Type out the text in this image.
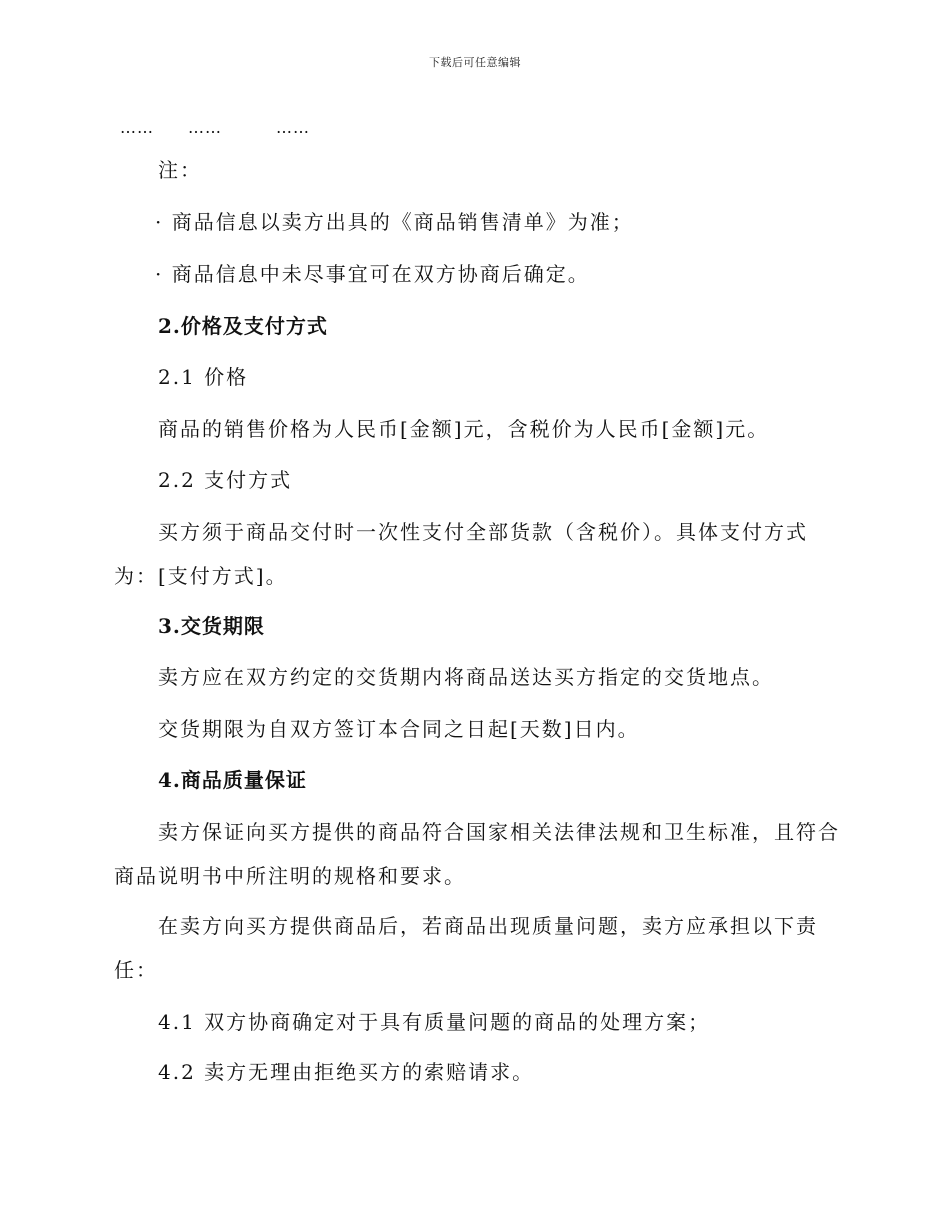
下载后可任意编辑
…… ……	……
注：
· 商品信息以卖方出具的《商品销售清单》为准；
· 商品信息中未尽事宜可在双方协商后确定。
2.价格及支付方式
2.1 价格
商品的销售价格为人民币[金额]元，含税价为人民币[金额]元。
2.2 支付方式
买方须于商品交付时一次性支付全部货款（含税价）。具体支付方式
为：[支付方式]。
3.交货期限
卖方应在双方约定的交货期内将商品送达买方指定的交货地点。
交货期限为自双方签订本合同之日起[天数]日内。
4.商品质量保证
卖方保证向买方提供的商品符合国家相关法律法规和卫生标准，且符合
商品说明书中所注明的规格和要求。
在卖方向买方提供商品后，若商品出现质量问题，卖方应承担以下责
任：
4.1 双方协商确定对于具有质量问题的商品的处理方案；
4.2 卖方无理由拒绝买方的索赔请求。
